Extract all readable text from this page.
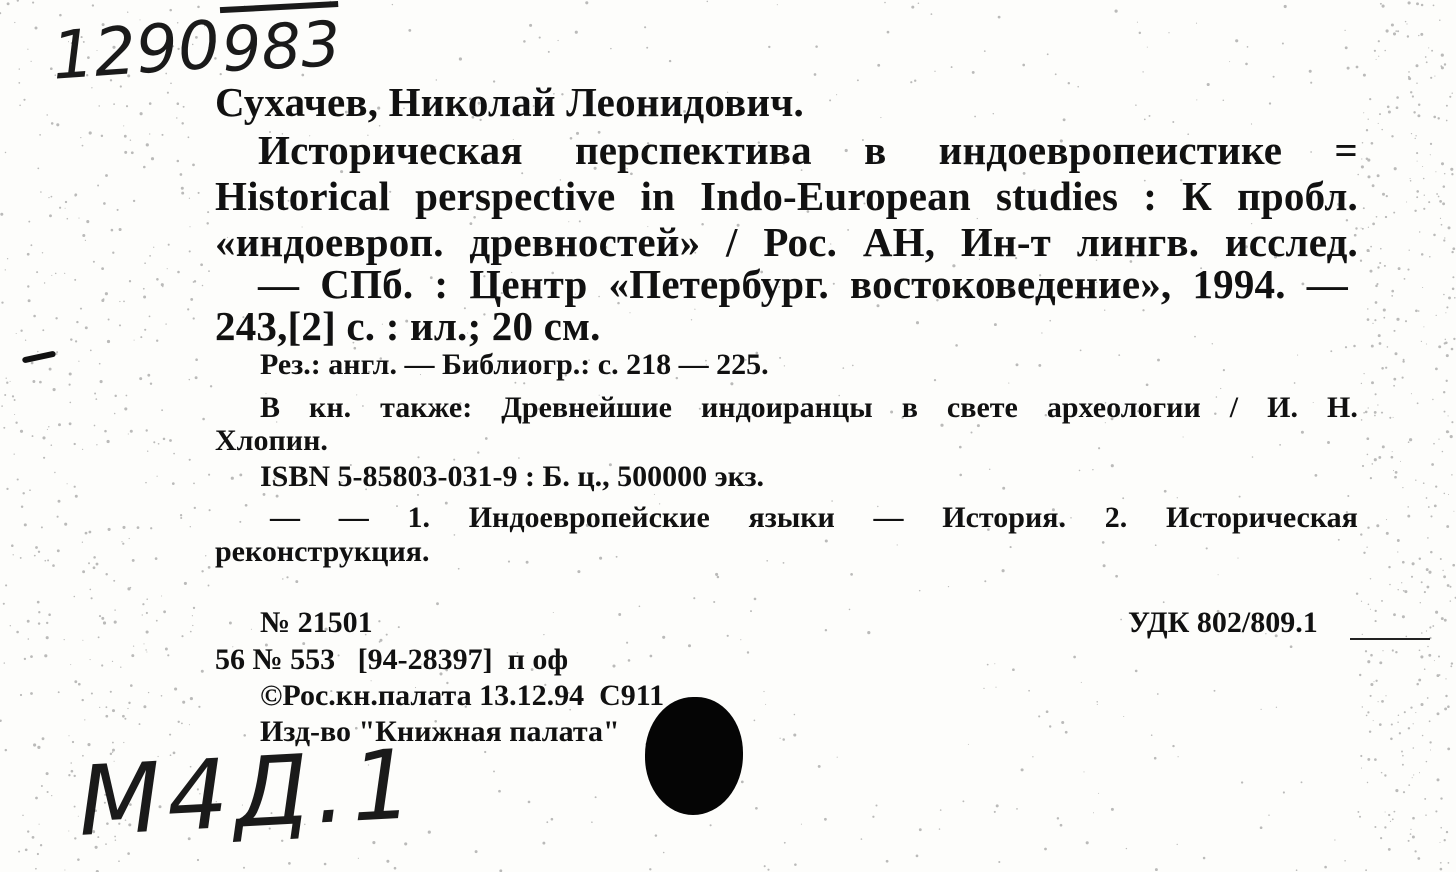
1290
983
Сухачев, Николай Леонидович.
Историческая перспектива в индоевропеистике =
Historical perspective in Indo-European studies : К пробл.
«индоевроп. древностей» / Рос. АН, Ин-т лингв. исслед.
— СПб. : Центр «Петербург. востоковедение», 1994. —
243,[2] с. : ил.; 20 см.
Рез.: англ. — Библиогр.: с. 218 — 225.
В кн. также: Древнейшие индоиранцы в свете археологии / И. Н.
Хлопин.
ISBN 5-85803-031-9 : Б. ц., 500000 экз.
— — 1. Индоевропейские языки — История. 2. Историческая
реконструкция.
№ 21501	УДК 802/809.1
56 № 553   [94-28397]  п оф
©Рос.кн.палата 13.12.94  С911
Изд-во "Книжная палата"
М4Д.1
